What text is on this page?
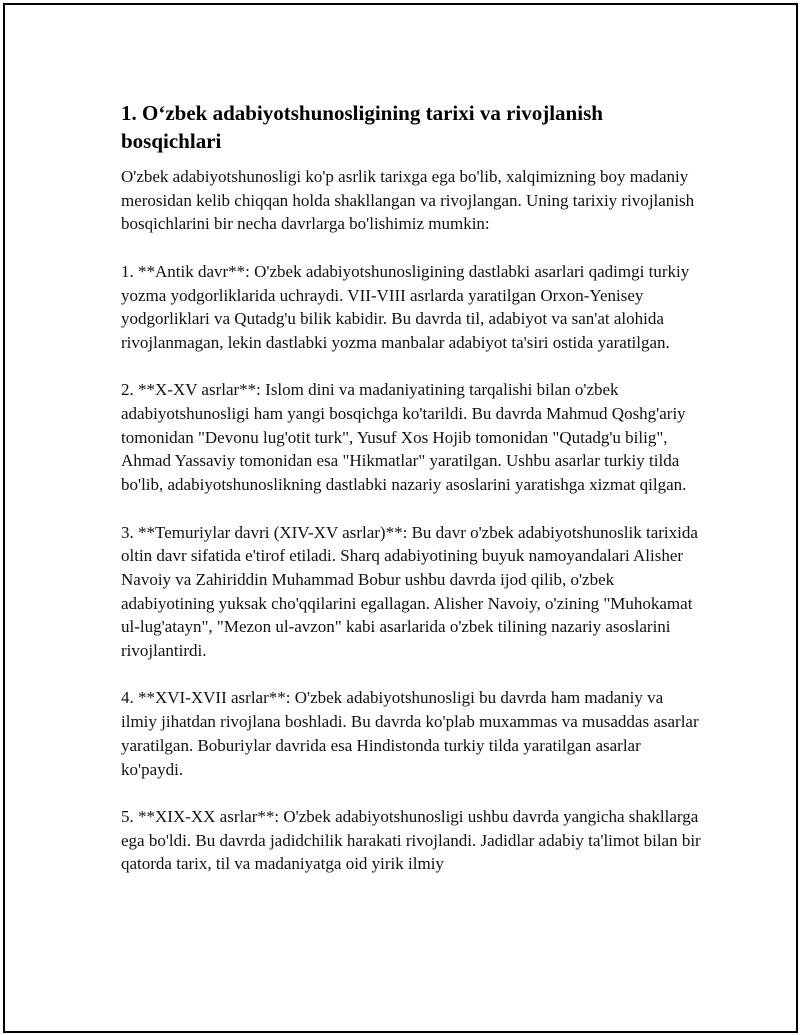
1. O‘zbek adabiyotshunosligining tarixi va rivojlanish bosqichlari

O'zbek adabiyotshunosligi ko'p asrlik tarixga ega bo'lib, xalqimizning boy madaniy merosidan kelib chiqqan holda shakllangan va rivojlangan. Uning tarixiy rivojlanish bosqichlarini bir necha davrlarga bo'lishimiz mumkin:

1. **Antik davr**: O'zbek adabiyotshunosligining dastlabki asarlari qadimgi turkiy yozma yodgorliklarida uchraydi. VII-VIII asrlarda yaratilgan Orxon-Yenisey yodgorliklari va Qutadg'u bilik kabidir. Bu davrda til, adabiyot va san'at alohida rivojlanmagan, lekin dastlabki yozma manbalar adabiyot ta'siri ostida yaratilgan.

2. **X-XV asrlar**: Islom dini va madaniyatining tarqalishi bilan o'zbek adabiyotshunosligi ham yangi bosqichga ko'tarildi. Bu davrda Mahmud Qoshg'ariy tomonidan "Devonu lug'otit turk", Yusuf Xos Hojib tomonidan "Qutadg'u bilig", Ahmad Yassaviy tomonidan esa "Hikmatlar" yaratilgan. Ushbu asarlar turkiy tilda bo'lib, adabiyotshunoslikning dastlabki nazariy asoslarini yaratishga xizmat qilgan.

3. **Temuriylar davri (XIV-XV asrlar)**: Bu davr o'zbek adabiyotshunoslik tarixida oltin davr sifatida e'tirof etiladi. Sharq adabiyotining buyuk namoyandalari Alisher Navoiy va Zahiriddin Muhammad Bobur ushbu davrda ijod qilib, o'zbek adabiyotining yuksak cho'qqilarini egallagan. Alisher Navoiy, o'zining "Muhokamat ul-lug'atayn", "Mezon ul-avzon" kabi asarlarida o'zbek tilining nazariy asoslarini rivojlantirdi.

4. **XVI-XVII asrlar**: O'zbek adabiyotshunosligi bu davrda ham madaniy va ilmiy jihatdan rivojlana boshladi. Bu davrda ko'plab muxammas va musaddas asarlar yaratilgan. Boburiylar davrida esa Hindistonda turkiy tilda yaratilgan asarlar ko'paydi.

5. **XIX-XX asrlar**: O'zbek adabiyotshunosligi ushbu davrda yangicha shakllarga ega bo'ldi. Bu davrda jadidchilik harakati rivojlandi. Jadidlar adabiy ta'limot bilan bir qatorda tarix, til va madaniyatga oid yirik ilmiy
